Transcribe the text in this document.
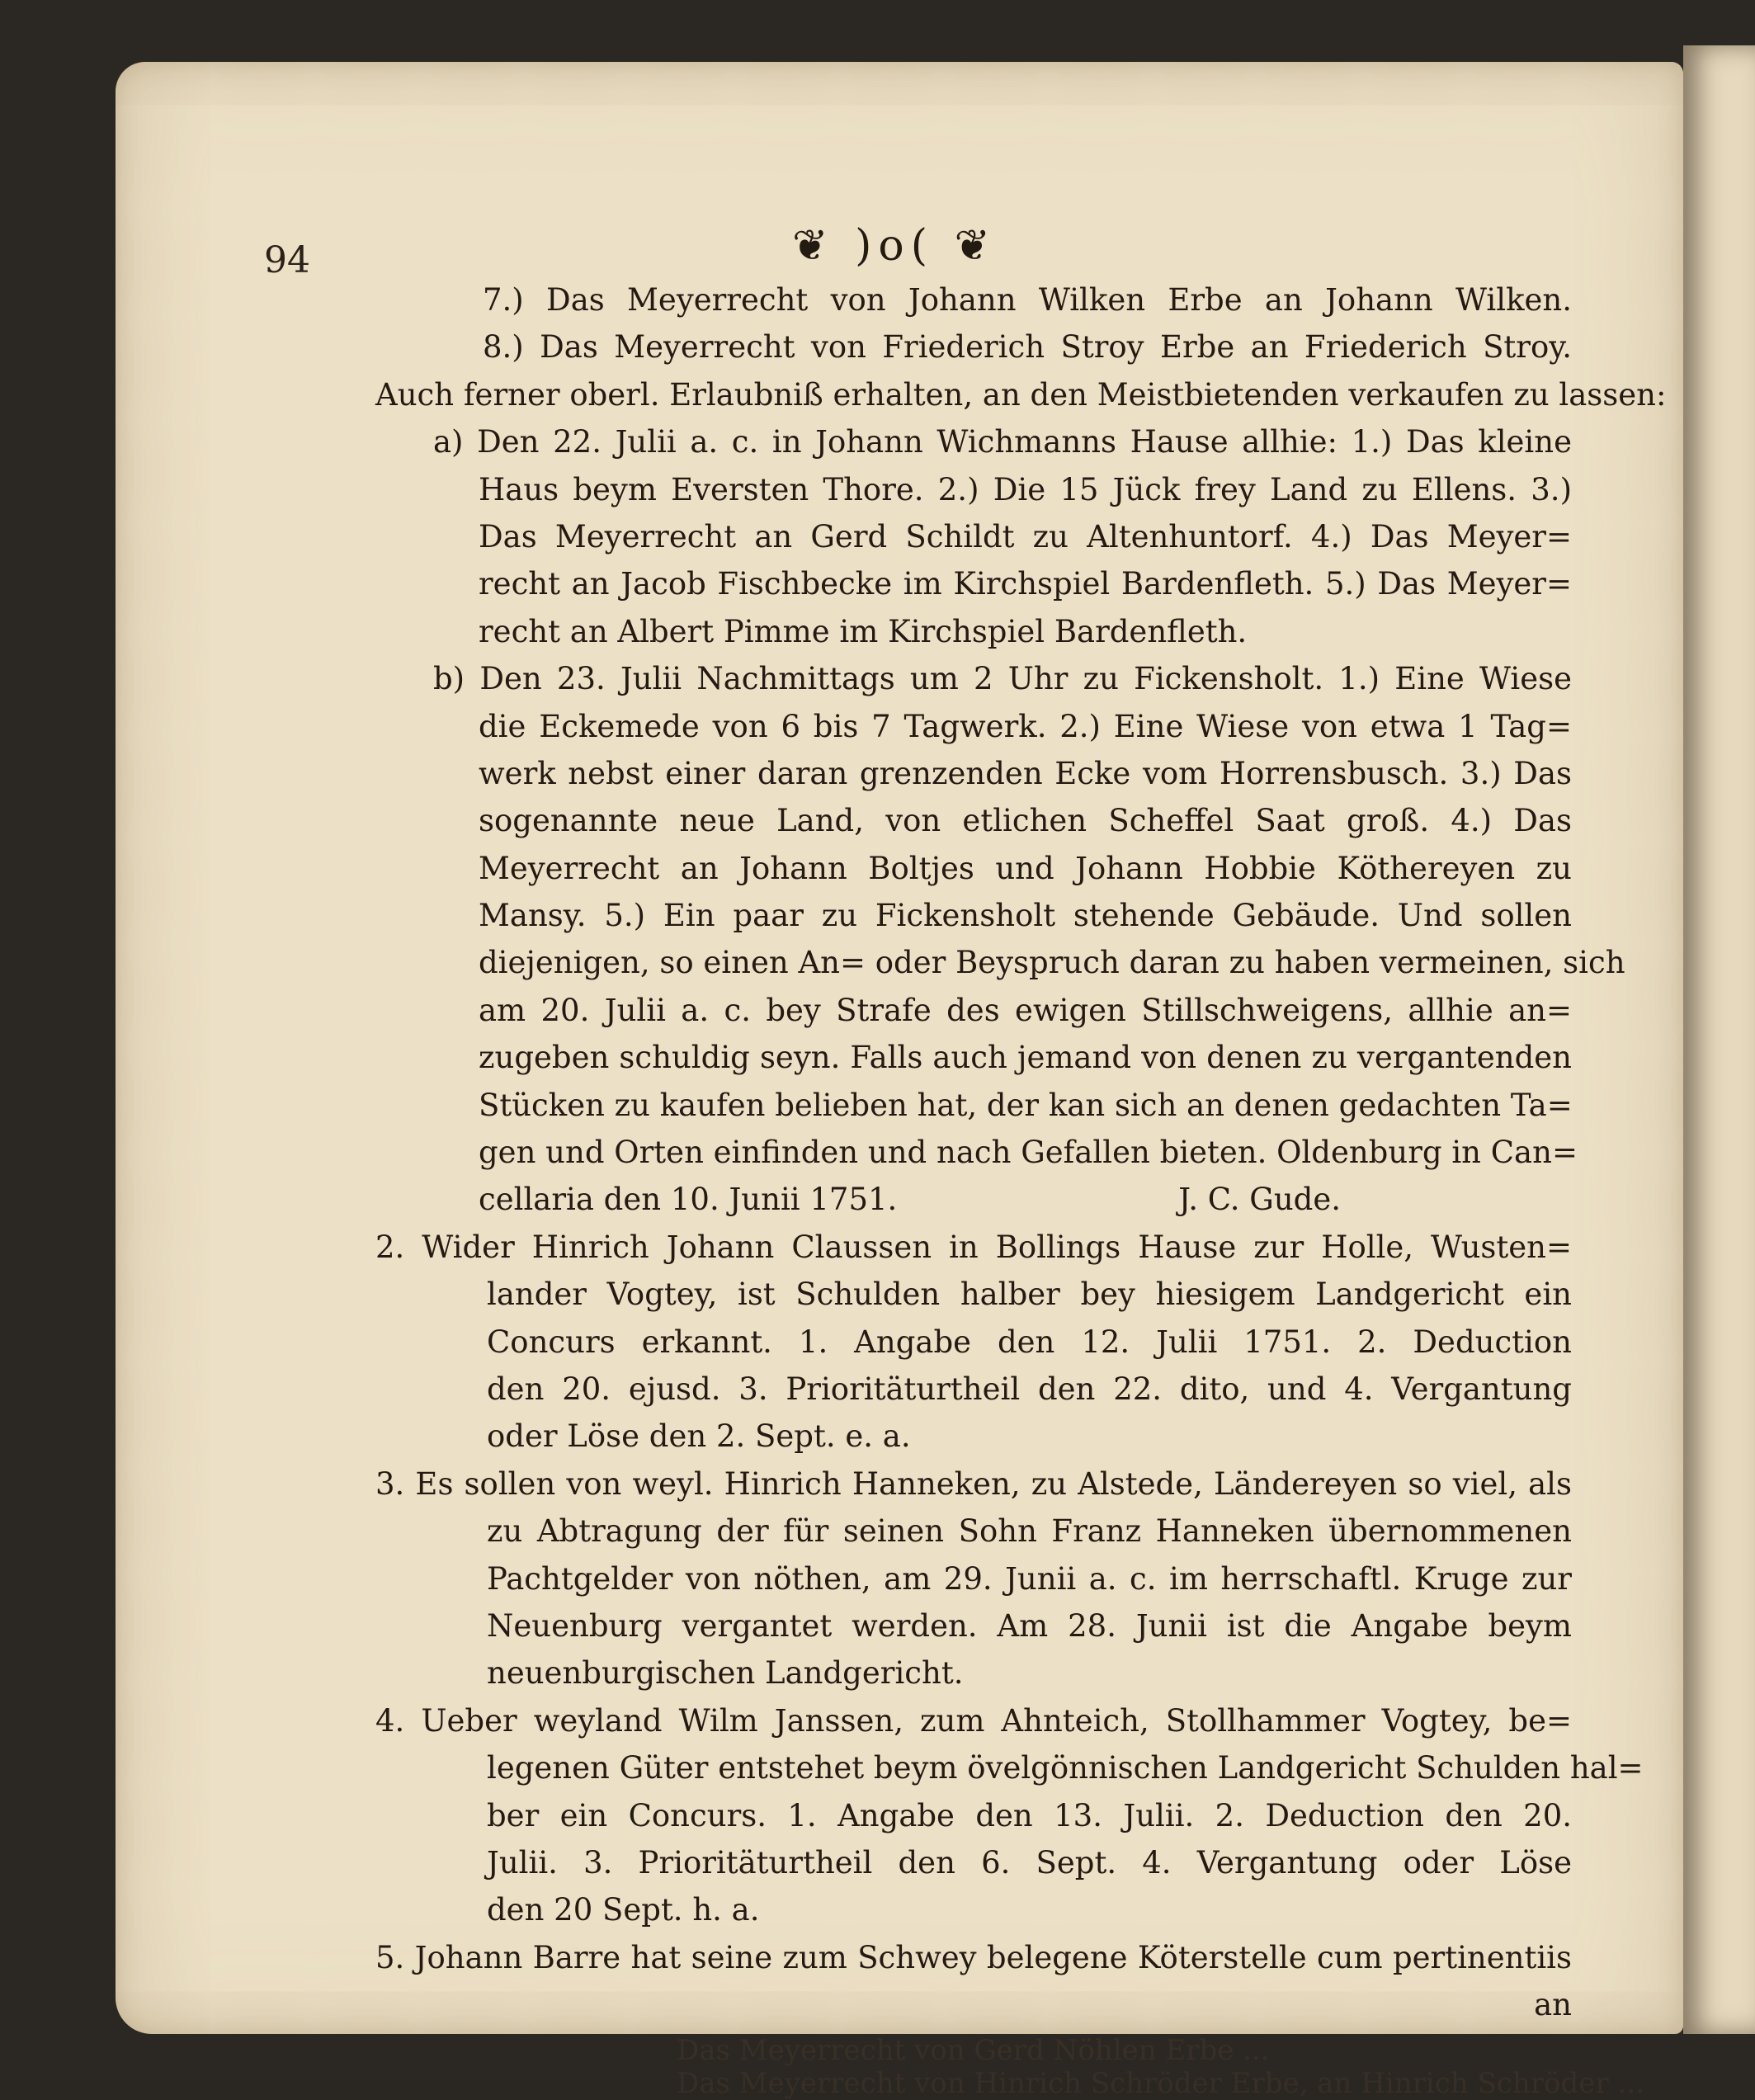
Das Meyerrecht von Gerd Nöhlen Erbe ...
Das Meyerrecht von Hinrich Schröder Erbe, an Hinrich Schröder ...
94	❦ )o( ❦
7.) Das Meyerrecht von Johann Wilken Erbe an Johann Wilken.
8.) Das Meyerrecht von Friederich Stroy Erbe an Friederich Stroy.
Auch ferner oberl. Erlaubniß erhalten, an den Meistbietenden verkaufen zu lassen:
a) Den 22. Julii a. c. in Johann Wichmanns Hause allhie: 1.) Das kleine
Haus beym Eversten Thore. 2.) Die 15 Jück frey Land zu Ellens. 3.)
Das Meyerrecht an Gerd Schildt zu Altenhuntorf. 4.) Das Meyer=
recht an Jacob Fischbecke im Kirchspiel Bardenfleth. 5.) Das Meyer=
recht an Albert Pimme im Kirchspiel Bardenfleth.
b) Den 23. Julii Nachmittags um 2 Uhr zu Fickensholt. 1.) Eine Wiese
die Eckemede von 6 bis 7 Tagwerk. 2.) Eine Wiese von etwa 1 Tag=
werk nebst einer daran grenzenden Ecke vom Horrensbusch. 3.) Das
sogenannte neue Land, von etlichen Scheffel Saat groß. 4.) Das
Meyerrecht an Johann Boltjes und Johann Hobbie Köthereyen zu
Mansy. 5.) Ein paar zu Fickensholt stehende Gebäude. Und sollen
diejenigen, so einen An= oder Beyspruch daran zu haben vermeinen, sich
am 20. Julii a. c. bey Strafe des ewigen Stillschweigens, allhie an=
zugeben schuldig seyn. Falls auch jemand von denen zu vergantenden
Stücken zu kaufen belieben hat, der kan sich an denen gedachten Ta=
gen und Orten einfinden und nach Gefallen bieten. Oldenburg in Can=
cellaria den 10. Junii 1751.	J. C. Gude.
2. Wider Hinrich Johann Claussen in Bollings Hause zur Holle, Wusten=
lander Vogtey, ist Schulden halber bey hiesigem Landgericht ein
Concurs erkannt. 1. Angabe den 12. Julii 1751. 2. Deduction
den 20. ejusd. 3. Prioritäturtheil den 22. dito, und 4. Vergantung
oder Löse den 2. Sept. e. a.
3. Es sollen von weyl. Hinrich Hanneken, zu Alstede, Ländereyen so viel, als
zu Abtragung der für seinen Sohn Franz Hanneken übernommenen
Pachtgelder von nöthen, am 29. Junii a. c. im herrschaftl. Kruge zur
Neuenburg vergantet werden. Am 28. Junii ist die Angabe beym
neuenburgischen Landgericht.
4. Ueber weyland Wilm Janssen, zum Ahnteich, Stollhammer Vogtey, be=
legenen Güter entstehet beym övelgönnischen Landgericht Schulden hal=
ber ein Concurs. 1. Angabe den 13. Julii. 2. Deduction den 20.
Julii. 3. Prioritäturtheil den 6. Sept. 4. Vergantung oder Löse
den 20 Sept. h. a.
5. Johann Barre hat seine zum Schwey belegene Köterstelle cum pertinentiis
an
